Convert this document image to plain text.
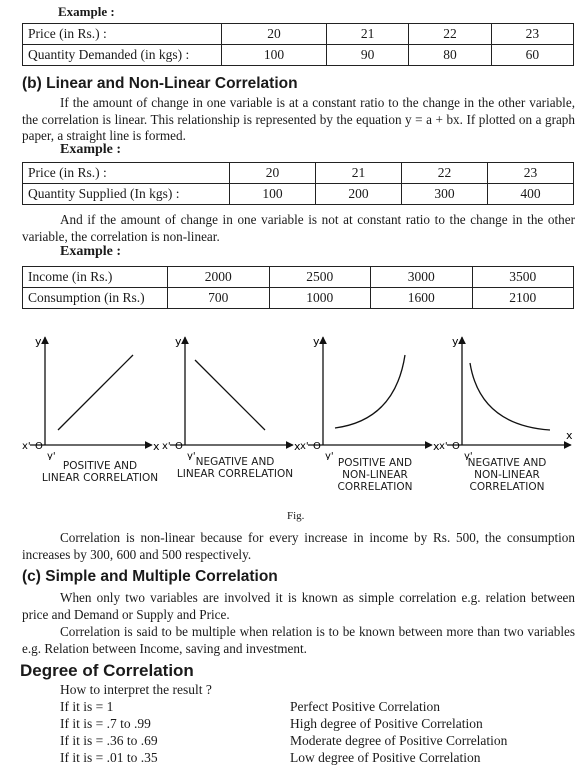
Example :
Price (in Rs.) :	20	21	22	23
Quantity Demanded (in kgs) :	100	90	80	60
(b) Linear and Non-Linear Correlation
If the amount of change in one variable is at a constant ratio to the change in the other variable, the correlation is linear. This relationship is represented by the equation y = a + bx. If plotted on a graph paper, a straight line is formed.
Example :
Price (in Rs.) :	20	21	22	23
Quantity Supplied (In kgs) :	100	200	300	400
And if the amount of change in one variable is not at constant ratio to the change in the other variable, the correlation is non-linear.
Example :
Income (in Rs.)	2000	2500	3000	3500
Consumption (in Rs.)	700	1000	1600	2100
y
x
x' O
y'
y
x
x' O
y'
y
x
x' O
y'
y
x
x' O
y'
POSITIVE AND
LINEAR CORRELATION
NEGATIVE AND
LINEAR CORRELATION
POSITIVE AND
NON-LINEAR
CORRELATION
NEGATIVE AND
NON-LINEAR
CORRELATION
Fig.
Correlation is non-linear because for every increase in income by Rs. 500, the consumption increases by 300, 600 and 500 respectively.
(c) Simple and Multiple Correlation
When only two variables are involved it is known as simple correlation e.g. relation between price and Demand or Supply and Price.
Correlation is said to be multiple when relation is to be known between more than two variables e.g. Relation between Income, saving and investment.
Degree of Correlation
How to interpret the result ?
If it is = 1	Perfect Positive Correlation
If it is = .7 to .99	High degree of Positive Correlation
If it is = .36 to .69	Moderate degree of Positive Correlation
If it is = .01 to .35	Low degree of Positive Correlation
